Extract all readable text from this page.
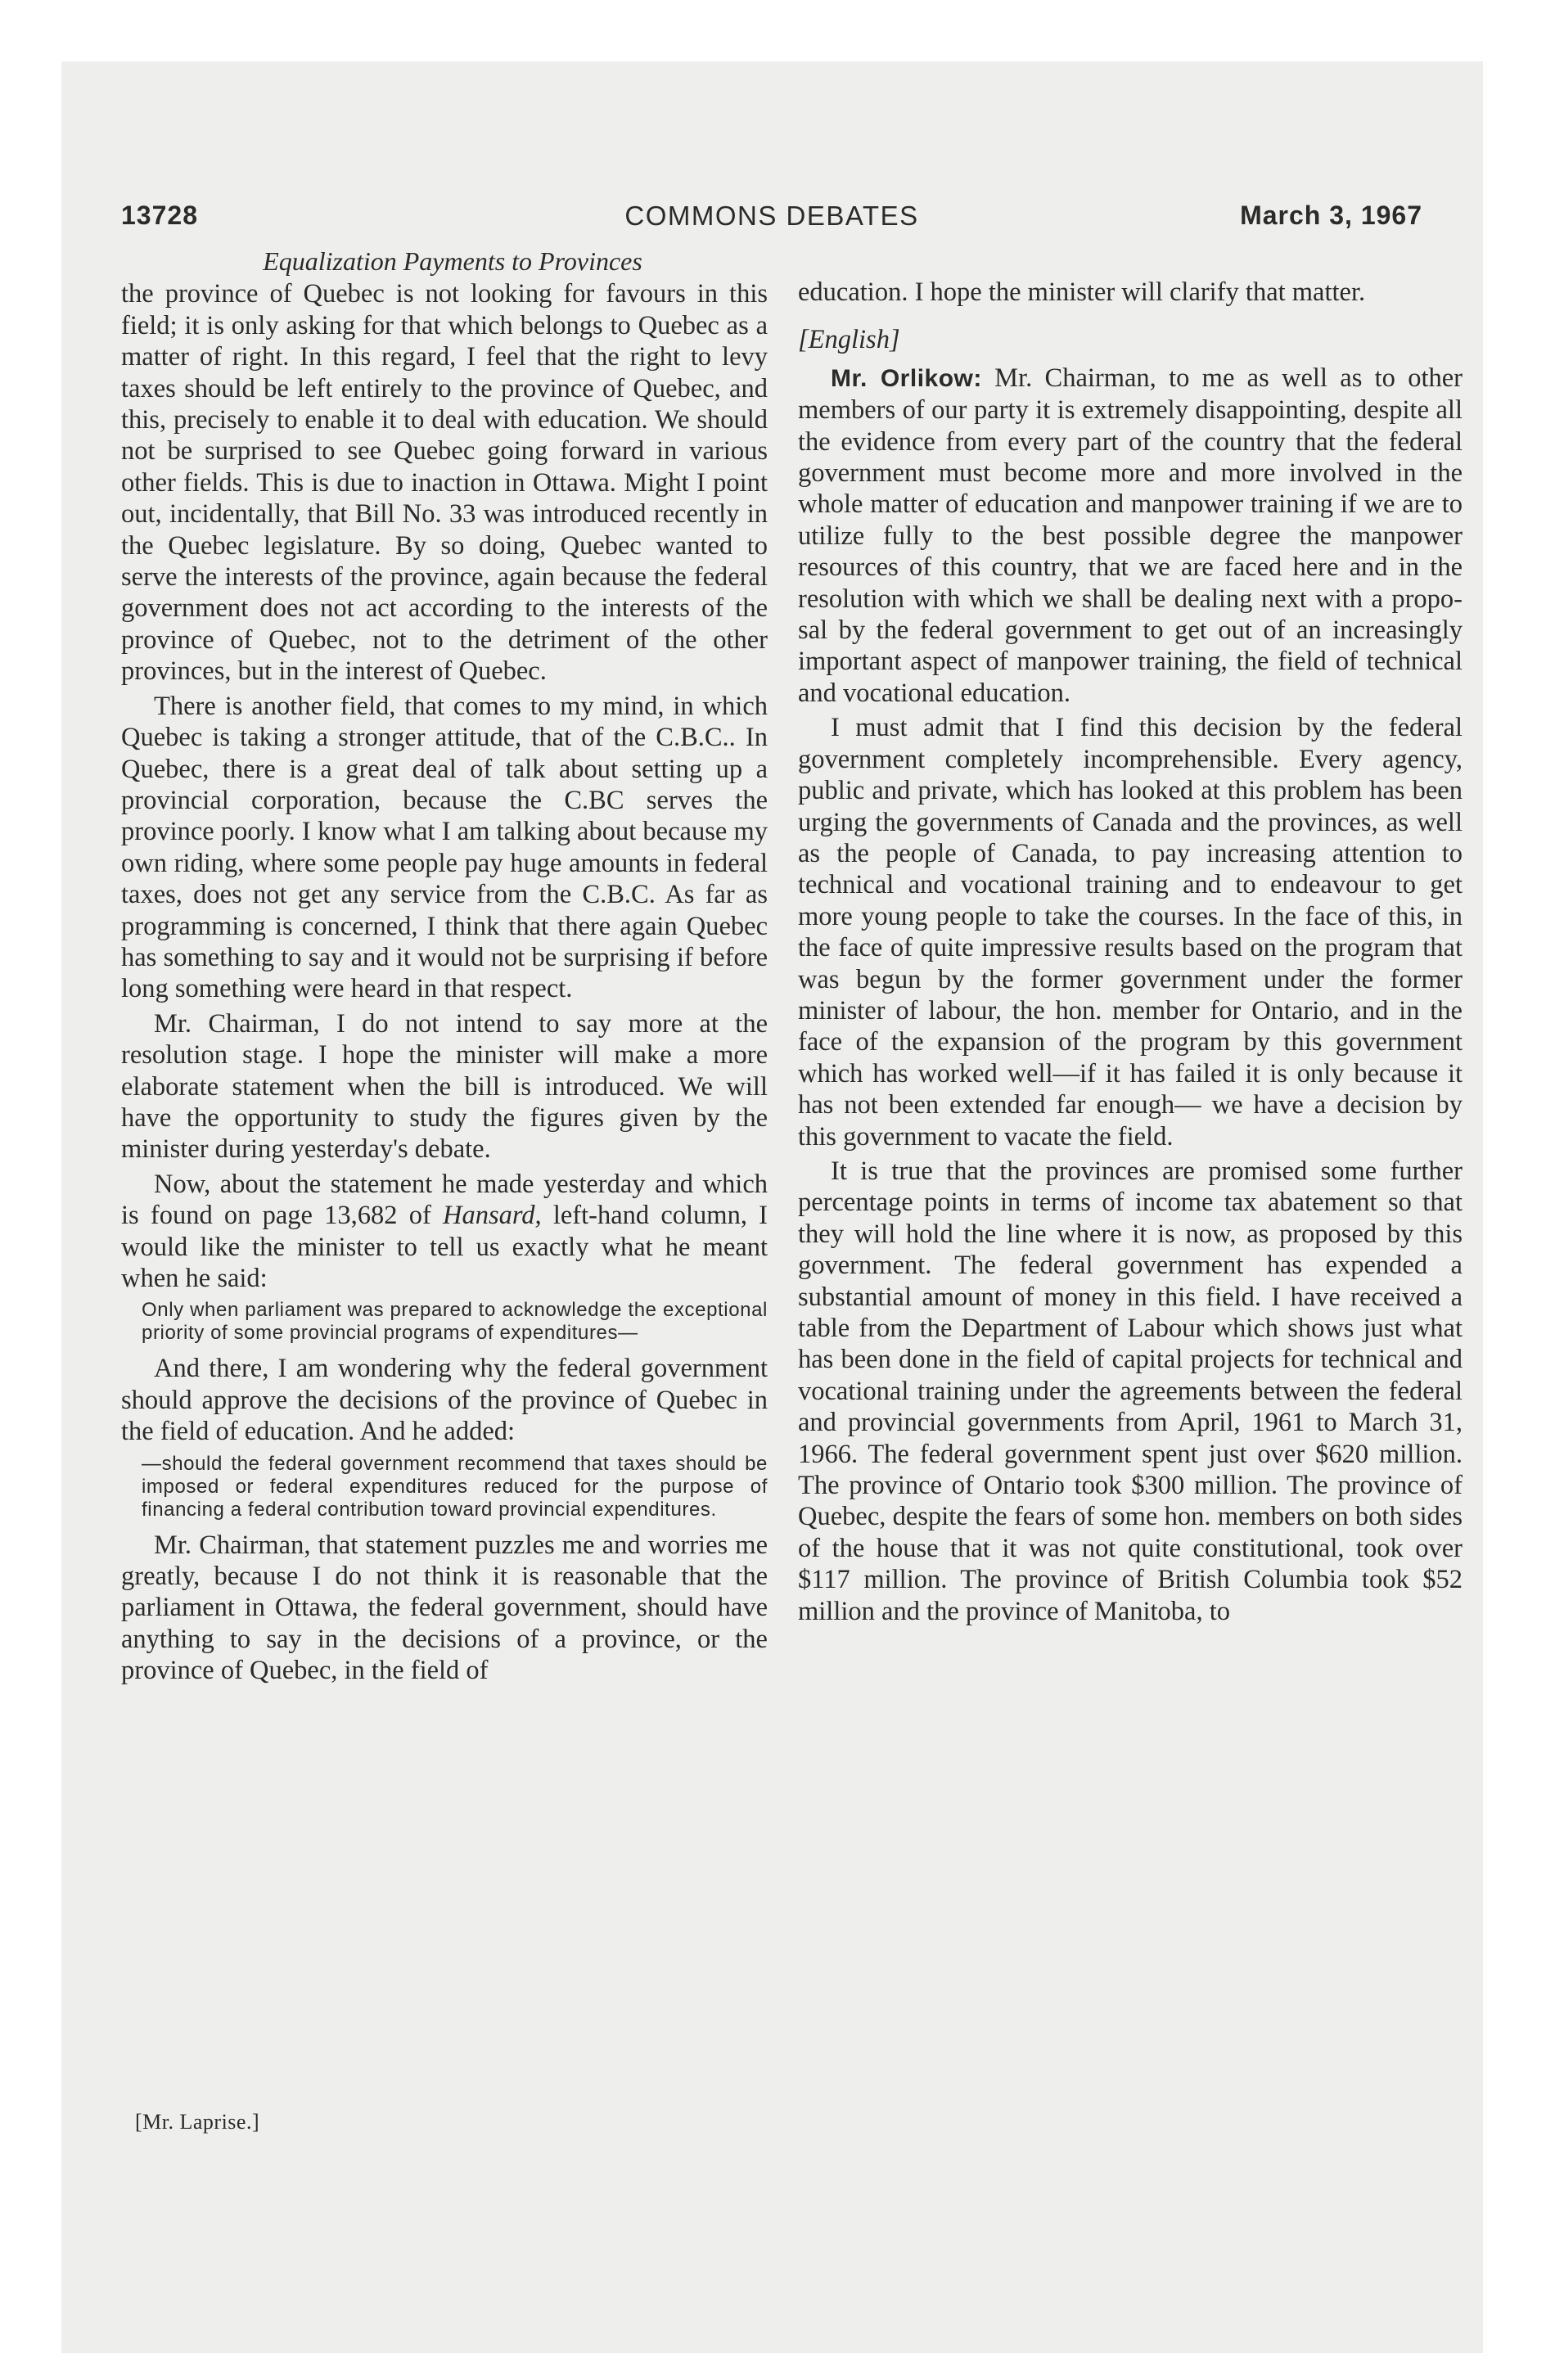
13728	COMMONS DEBATES	March 3, 1967
Equalization Payments to Provinces

the province of Quebec is not looking for favours in this field; it is only asking for that which belongs to Quebec as a matter of right. In this regard, I feel that the right to levy taxes should be left entirely to the province of Quebec, and this, precisely to enable it to deal with education. We should not be surprised to see Quebec going forward in various other fields. This is due to inaction in Ottawa. Might I point out, incidentally, that Bill No. 33 was introduced recently in the Quebec legislature. By so doing, Quebec wanted to serve the interests of the province, again because the federal government does not act according to the interests of the province of Quebec, not to the detriment of the other provinces, but in the interest of Quebec.

There is another field, that comes to my mind, in which Quebec is taking a stronger attitude, that of the C.B.C.. In Quebec, there is a great deal of talk about setting up a provincial corporation, because the C.BC serves the province poorly. I know what I am talking about because my own riding, where some people pay huge amounts in federal taxes, does not get any service from the C.B.C. As far as programming is concerned, I think that there again Quebec has something to say and it would not be surprising if before long something were heard in that respect.

Mr. Chairman, I do not intend to say more at the resolution stage. I hope the minister will make a more elaborate statement when the bill is introduced. We will have the opportunity to study the figures given by the minister during yesterday's debate.

Now, about the statement he made yesterday and which is found on page 13,682 of Hansard, left-hand column, I would like the minister to tell us exactly what he meant when he said:

Only when parliament was prepared to acknowledge the exceptional priority of some provincial programs of expenditures—

And there, I am wondering why the federal government should approve the decisions of the province of Quebec in the field of education. And he added:

—should the federal government recommend that taxes should be imposed or federal expenditures reduced for the purpose of financing a federal contribution toward provincial expenditures.

Mr. Chairman, that statement puzzles me and worries me greatly, because I do not think it is reasonable that the parliament in Ottawa, the federal government, should have anything to say in the decisions of a province, or the province of Quebec, in the field of

education. I hope the minister will clarify that matter.

[English]

Mr. Orlikow: Mr. Chairman, to me as well as to other members of our party it is extremely disappointing, despite all the evidence from every part of the country that the federal government must become more and more involved in the whole matter of education and manpower training if we are to utilize fully to the best possible degree the manpower resources of this country, that we are faced here and in the resolution with which we shall be dealing next with a proposal by the federal government to get out of an increasingly important aspect of manpower training, the field of technical and vocational education.

I must admit that I find this decision by the federal government completely incomprehensible. Every agency, public and private, which has looked at this problem has been urging the governments of Canada and the provinces, as well as the people of Canada, to pay increasing attention to technical and vocational training and to endeavour to get more young people to take the courses. In the face of this, in the face of quite impressive results based on the program that was begun by the former government under the former minister of labour, the hon. member for Ontario, and in the face of the expansion of the program by this government which has worked well—if it has failed it is only because it has not been extended far enough— we have a decision by this government to vacate the field.

It is true that the provinces are promised some further percentage points in terms of income tax abatement so that they will hold the line where it is now, as proposed by this government. The federal government has expended a substantial amount of money in this field. I have received a table from the Department of Labour which shows just what has been done in the field of capital projects for technical and vocational training under the agreements between the federal and provincial governments from April, 1961 to March 31, 1966. The federal government spent just over $620 million. The province of Ontario took $300 million. The province of Quebec, despite the fears of some hon. members on both sides of the house that it was not quite constitutional, took over $117 million. The province of British Columbia took $52 million and the province of Manitoba, to

[Mr. Laprise.]
